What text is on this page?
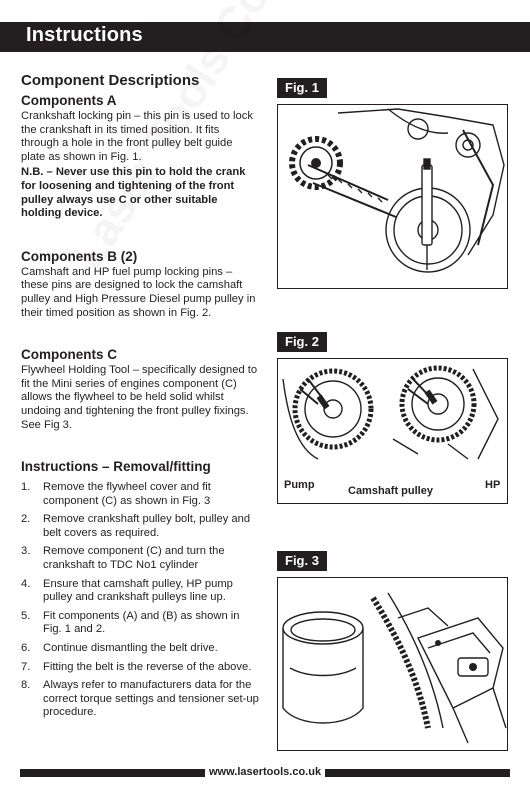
Instructions
Component Descriptions
Components A

Crankshaft locking pin – this pin is used to lock the crankshaft in its timed position. It fits through a hole in the front pulley belt guide plate as shown in Fig. 1.

N.B. – Never use this pin to hold the crank for loosening and tightening of the front pulley always use C or other suitable holding device.

Components B (2)

Camshaft and HP fuel pump locking pins – these pins are designed to lock the camshaft pulley and High Pressure Diesel pump pulley in their timed position as shown in Fig. 2.

Components C

Flywheel Holding Tool – specifically designed to fit the Mini series of engines component (C) allows the flywheel to be held solid whilst undoing and tightening the front pulley fixings. See Fig 3.

Instructions – Removal/fitting
1.	Remove the flywheel cover and fit component (C) as shown in Fig. 3
2.	Remove crankshaft pulley bolt, pulley and belt covers as required.
3.	Remove component (C) and turn the crankshaft to TDC No1 cylinder
4.	Ensure that camshaft pulley, HP pump pulley and crankshaft pulleys line up.
5.	Fit components (A) and (B) as shown in Fig. 1 and 2.
6.	Continue dismantling the belt drive.
7.	Fitting the belt is the reverse of the above.
8.	Always refer to manufacturers data for the correct torque settings and tensioner set-up procedure.
Fig. 1
Fig. 2
Pump	Camshaft pulley	HP
Fig. 3
www.lasertools.co.uk
